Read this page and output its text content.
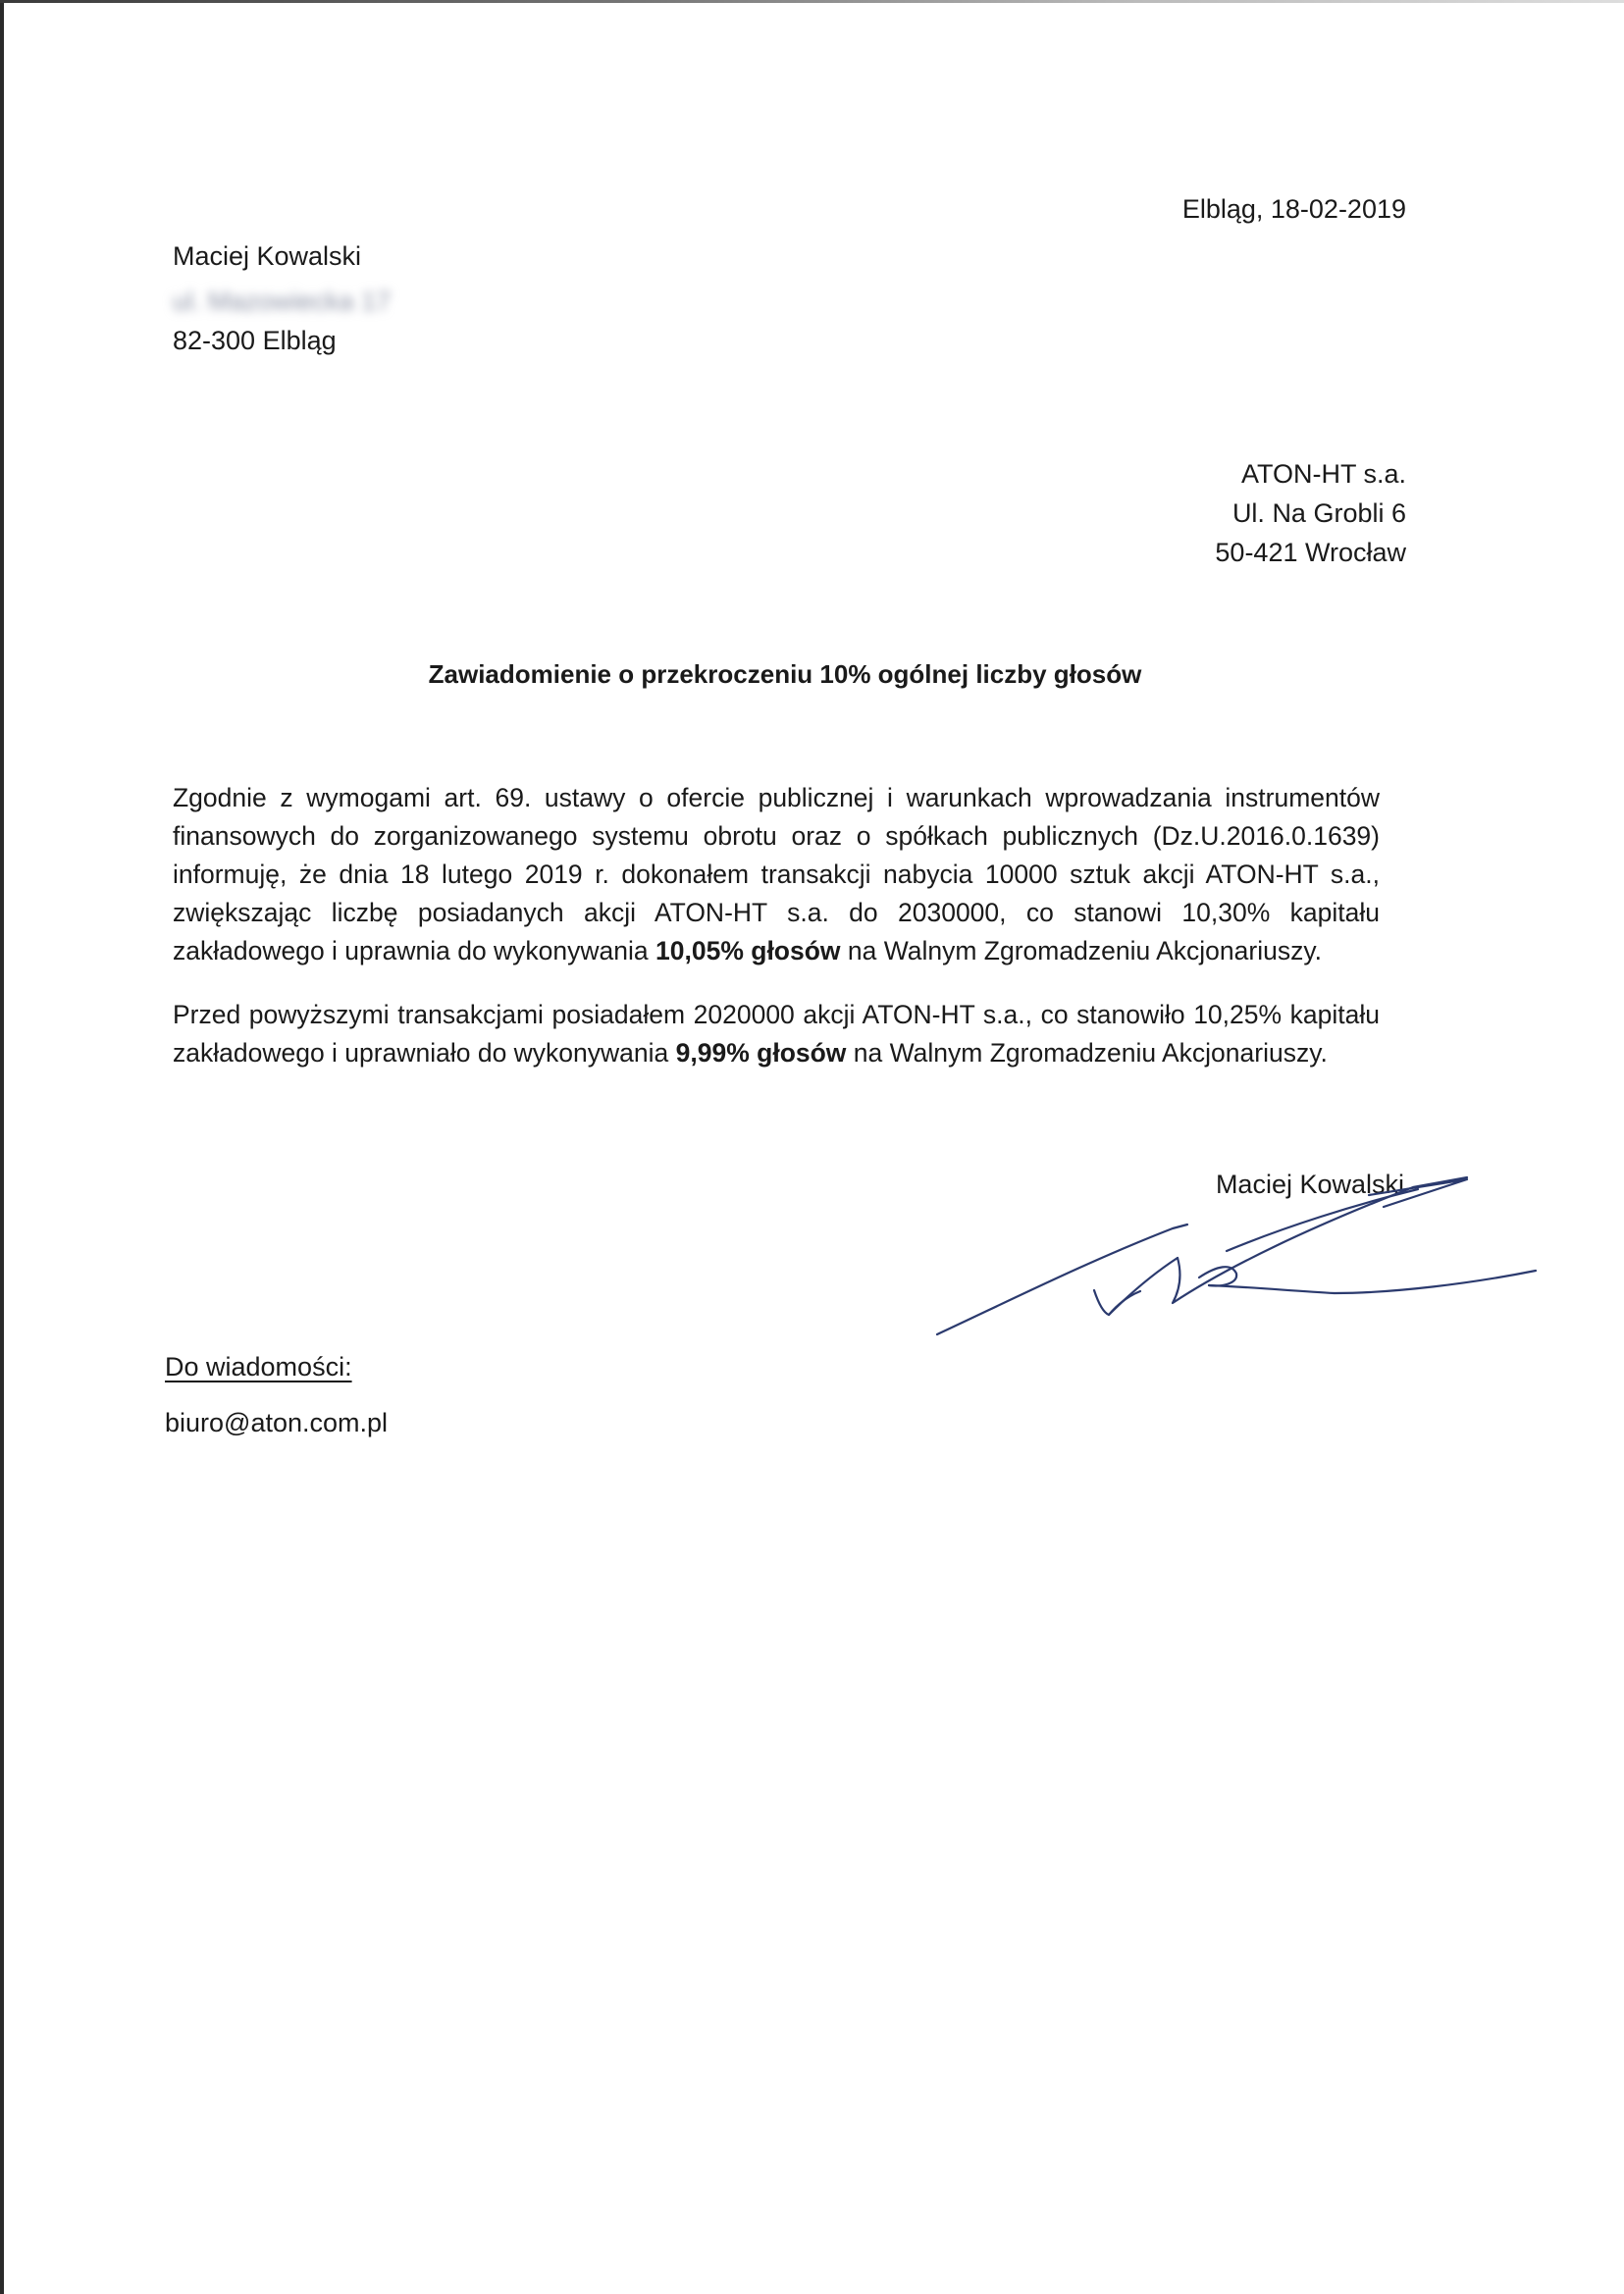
Elbląg, 18-02-2019
Maciej Kowalski
ul. Mazowiecka 17
82-300 Elbląg
ATON-HT s.a.
Ul. Na Grobli 6
50-421 Wrocław
Zawiadomienie o przekroczeniu 10% ogólnej liczby głosów
Zgodnie z wymogami art. 69. ustawy o ofercie publicznej i warunkach wprowadzania instrumentów
finansowych do zorganizowanego systemu obrotu oraz o spółkach publicznych (Dz.U.2016.0.1639)
informuję, że dnia 18 lutego 2019 r. dokonałem transakcji nabycia 10000 sztuk akcji ATON-HT s.a.,
zwiększając liczbę posiadanych akcji ATON-HT s.a. do 2030000, co stanowi 10,30% kapitału
zakładowego i uprawnia do wykonywania 10,05% głosów na Walnym Zgromadzeniu Akcjonariuszy.
Przed powyższymi transakcjami posiadałem 2020000 akcji ATON-HT s.a., co stanowiło 10,25% kapitału
zakładowego i uprawniało do wykonywania 9,99% głosów na Walnym Zgromadzeniu Akcjonariuszy.
Maciej Kowalski
Do wiadomości:
biuro@aton.com.pl
